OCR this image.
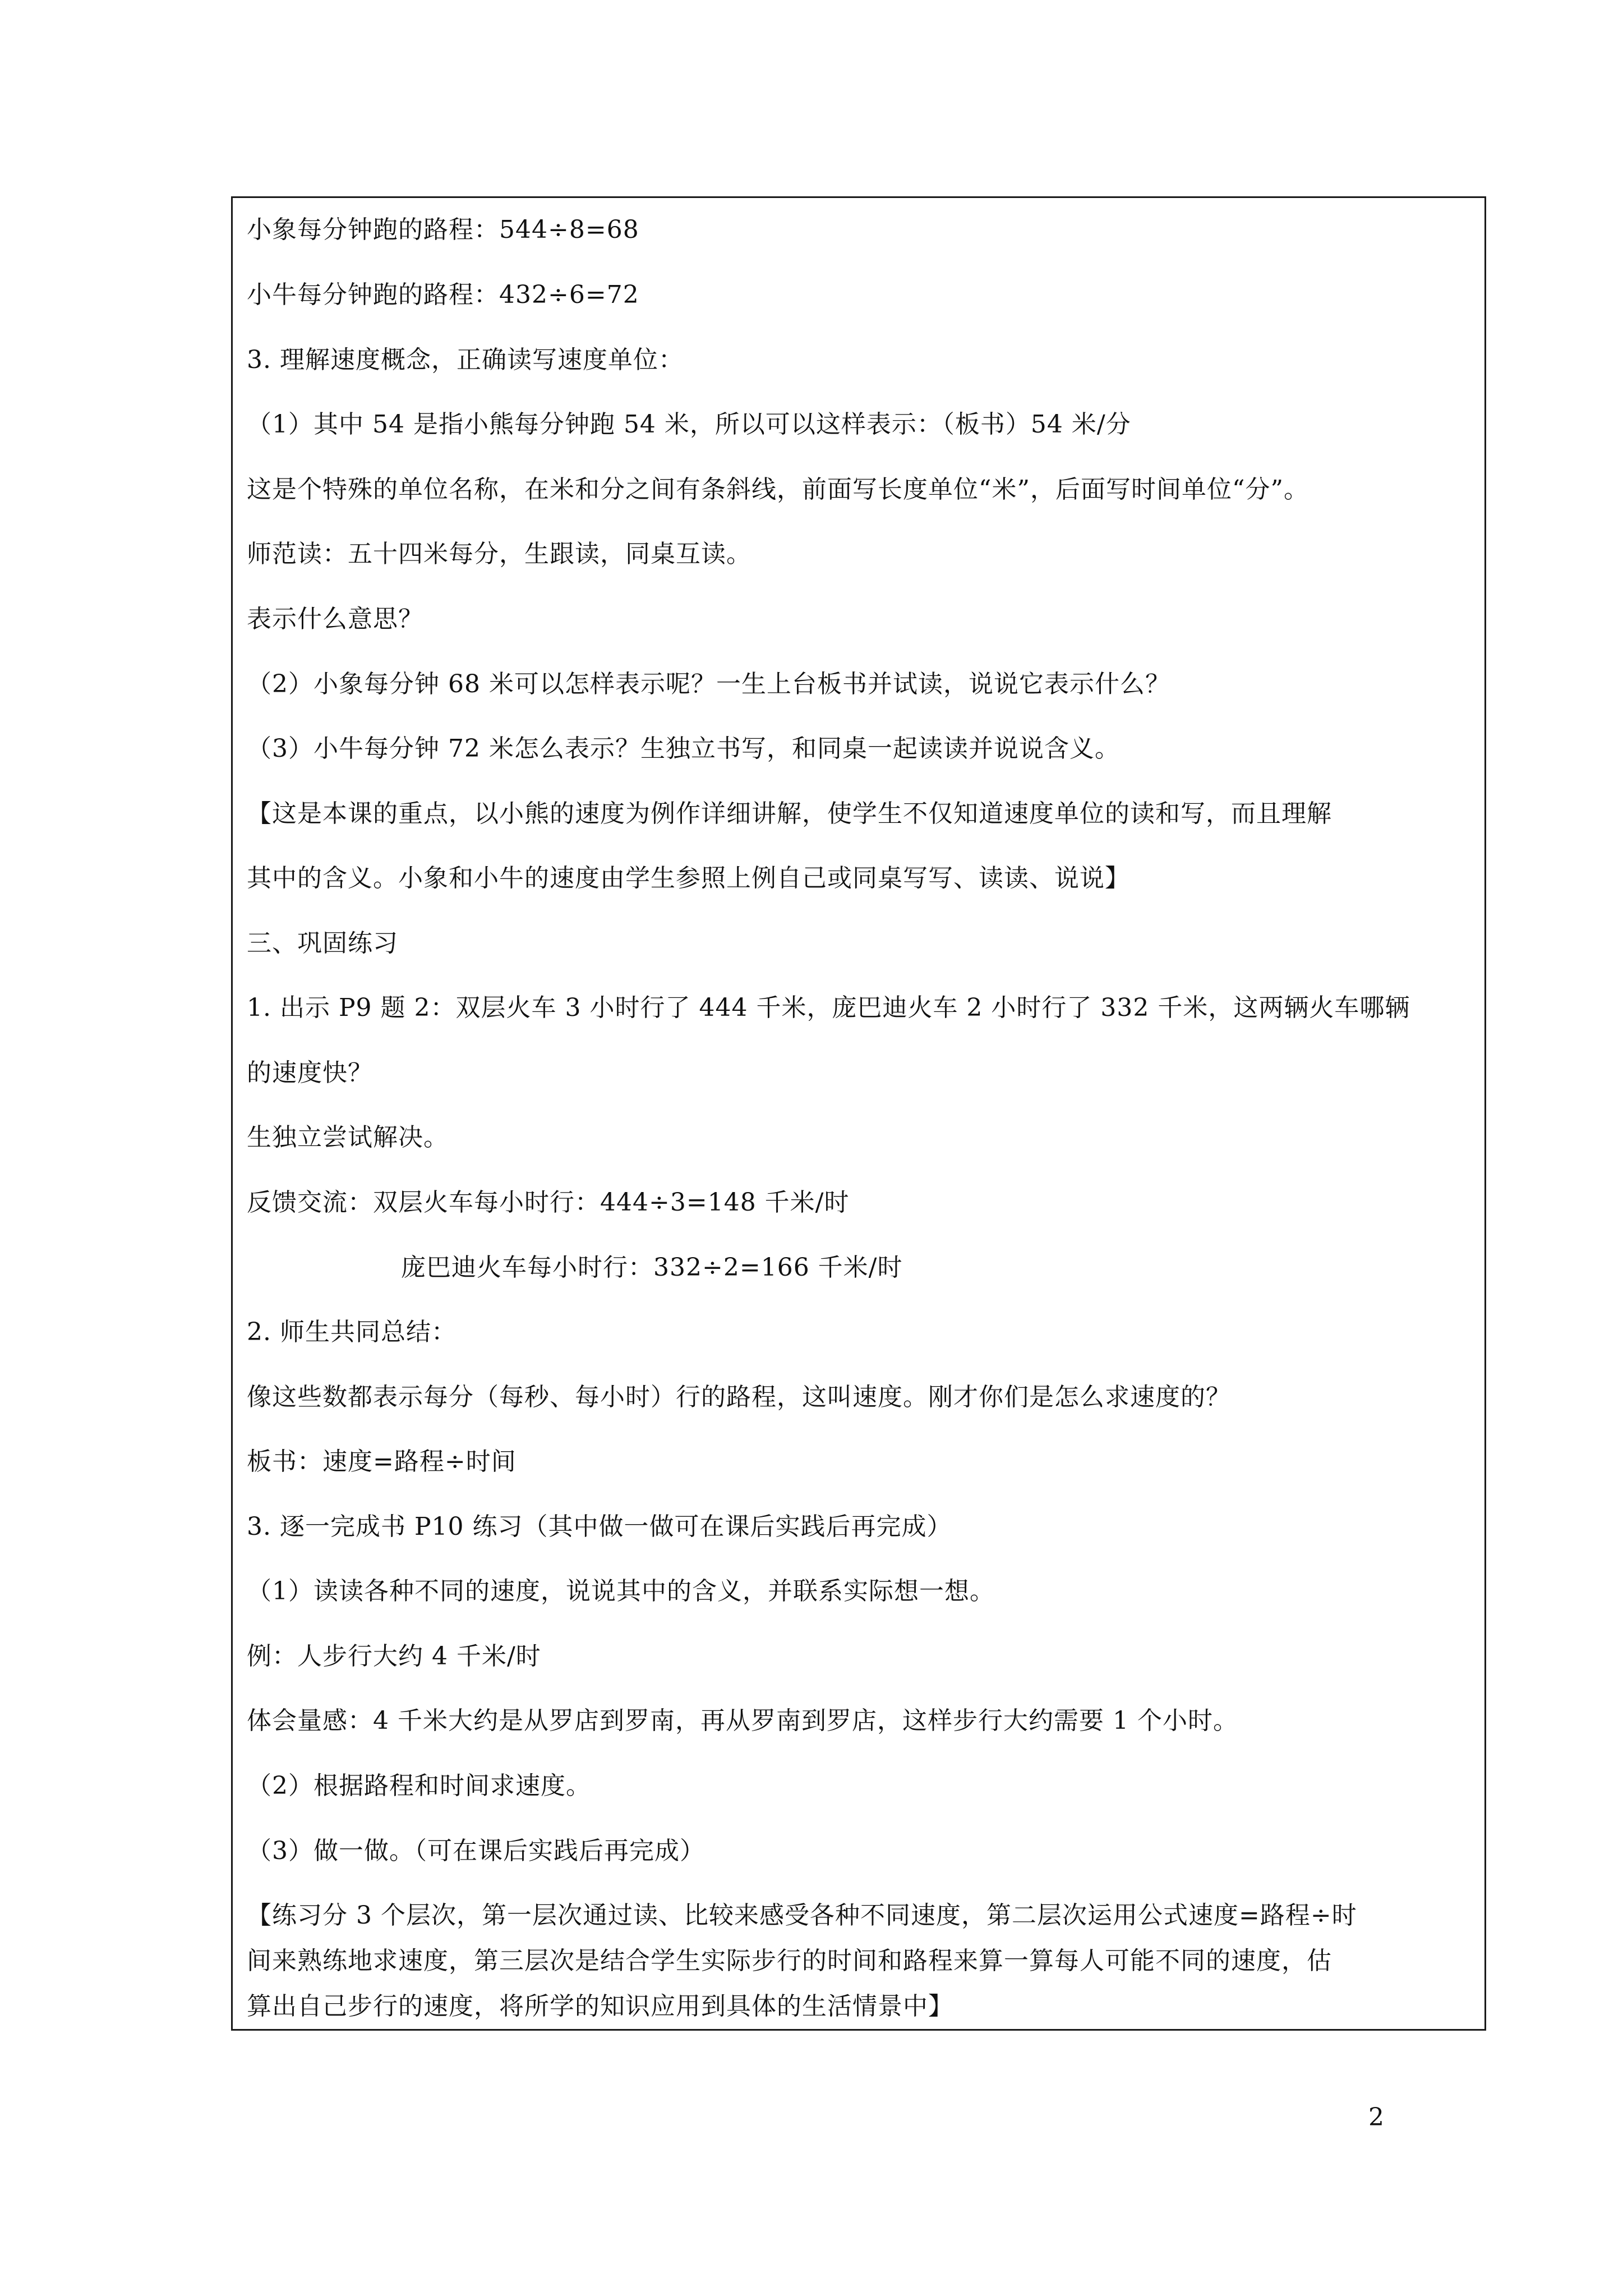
小象每分钟跑的路程：544÷8=68
小牛每分钟跑的路程：432÷6=72
3. 理解速度概念，正确读写速度单位：
（1）其中 54 是指小熊每分钟跑 54 米，所以可以这样表示：（板书）54 米/分
这是个特殊的单位名称，在米和分之间有条斜线，前面写长度单位“米”，后面写时间单位“分”。
师范读：五十四米每分，生跟读，同桌互读。
表示什么意思？
（2）小象每分钟 68 米可以怎样表示呢？一生上台板书并试读，说说它表示什么？
（3）小牛每分钟 72 米怎么表示？生独立书写，和同桌一起读读并说说含义。
【这是本课的重点，以小熊的速度为例作详细讲解，使学生不仅知道速度单位的读和写，而且理解
其中的含义。小象和小牛的速度由学生参照上例自己或同桌写写、读读、说说】
三、巩固练习
1. 出示 P9 题 2：双层火车 3 小时行了 444 千米，庞巴迪火车 2 小时行了 332 千米，这两辆火车哪辆
的速度快？
生独立尝试解决。
反馈交流：双层火车每小时行：444÷3=148 千米/时
庞巴迪火车每小时行：332÷2=166 千米/时
2. 师生共同总结：
像这些数都表示每分（每秒、每小时）行的路程，这叫速度。刚才你们是怎么求速度的？
板书：速度=路程÷时间
3. 逐一完成书 P10 练习（其中做一做可在课后实践后再完成）
（1）读读各种不同的速度，说说其中的含义，并联系实际想一想。
例：人步行大约 4 千米/时
体会量感：4 千米大约是从罗店到罗南，再从罗南到罗店，这样步行大约需要 1 个小时。
（2）根据路程和时间求速度。
（3）做一做。（可在课后实践后再完成）
【练习分 3 个层次，第一层次通过读、比较来感受各种不同速度，第二层次运用公式速度=路程÷时
间来熟练地求速度，第三层次是结合学生实际步行的时间和路程来算一算每人可能不同的速度，估
算出自己步行的速度，将所学的知识应用到具体的生活情景中】
2
